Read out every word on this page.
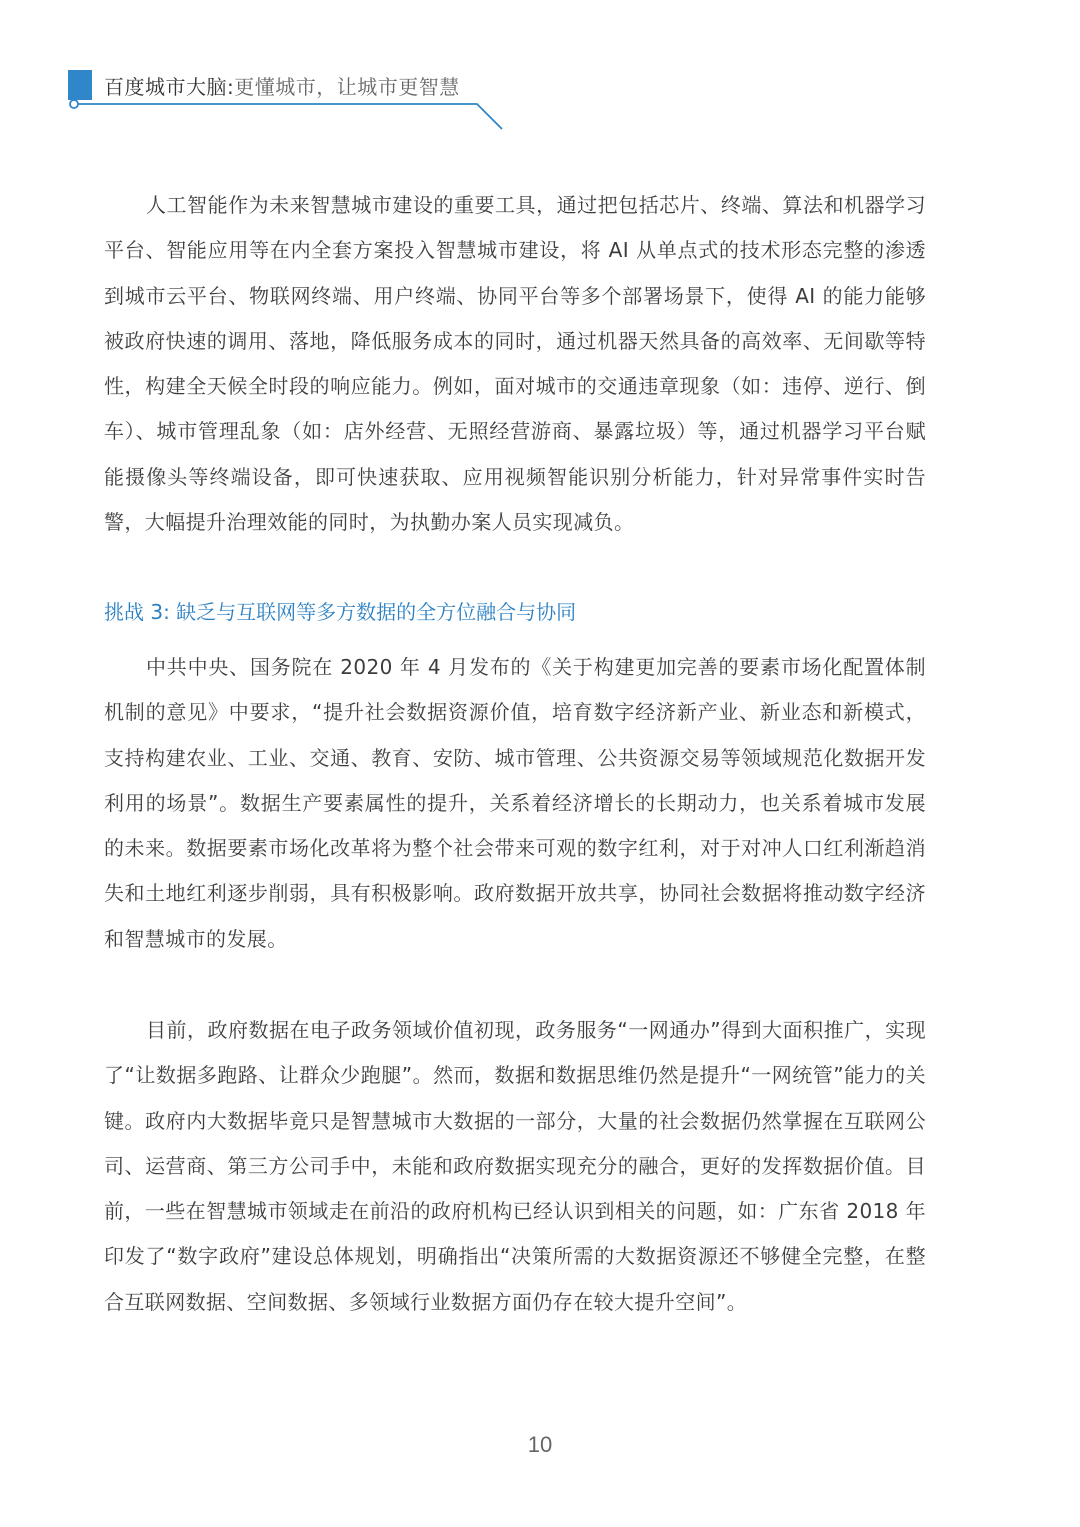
百度城市大脑:更懂城市，让城市更智慧

人工智能作为未来智慧城市建设的重要工具，通过把包括芯片、终端、算法和机器学习平台、智能应用等在内全套方案投入智慧城市建设，将 AI 从单点式的技术形态完整的渗透到城市云平台、物联网终端、用户终端、协同平台等多个部署场景下，使得 AI 的能力能够被政府快速的调用、落地，降低服务成本的同时，通过机器天然具备的高效率、无间歇等特性，构建全天候全时段的响应能力。例如，面对城市的交通违章现象（如：违停、逆行、倒车）、城市管理乱象（如：店外经营、无照经营游商、暴露垃圾）等，通过机器学习平台赋能摄像头等终端设备，即可快速获取、应用视频智能识别分析能力，针对异常事件实时告警，大幅提升治理效能的同时，为执勤办案人员实现减负。

挑战 3: 缺乏与互联网等多方数据的全方位融合与协同

中共中央、国务院在 2020 年 4 月发布的《关于构建更加完善的要素市场化配置体制机制的意见》中要求，“提升社会数据资源价值，培育数字经济新产业、新业态和新模式，支持构建农业、工业、交通、教育、安防、城市管理、公共资源交易等领域规范化数据开发利用的场景”。数据生产要素属性的提升，关系着经济增长的长期动力，也关系着城市发展的未来。数据要素市场化改革将为整个社会带来可观的数字红利，对于对冲人口红利渐趋消失和土地红利逐步削弱，具有积极影响。政府数据开放共享，协同社会数据将推动数字经济和智慧城市的发展。

目前，政府数据在电子政务领域价值初现，政务服务“一网通办”得到大面积推广，实现了“让数据多跑路、让群众少跑腿”。然而，数据和数据思维仍然是提升“一网统管”能力的关键。政府内大数据毕竟只是智慧城市大数据的一部分，大量的社会数据仍然掌握在互联网公司、运营商、第三方公司手中，未能和政府数据实现充分的融合，更好的发挥数据价值。目前，一些在智慧城市领域走在前沿的政府机构已经认识到相关的问题，如：广东省 2018 年印发了“数字政府”建设总体规划，明确指出“决策所需的大数据资源还不够健全完整，在整合互联网数据、空间数据、多领域行业数据方面仍存在较大提升空间”。

10
